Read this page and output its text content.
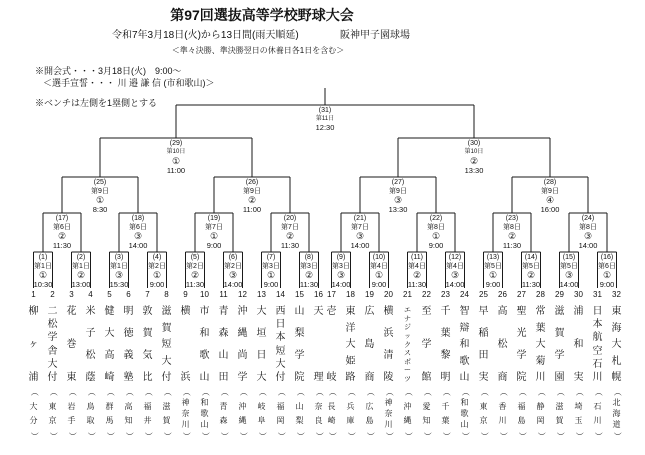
第97回選抜高等学校野球大会
令和7年3月18日(火)から13日間(雨天順延)	阪神甲子園球場
＜準々決勝、準決勝翌日の休養日各1日を含む＞
※開会式・・・3月18日(火)　9:00～
＜選手宣誓・・・ 川 邉 謙 信 (市和歌山)＞
※ベンチは左側を1塁側とする
(1)
第1日
①
10:30
(2)
第1日
②
13:00
(3)
第1日
③
15:30
(4)
第2日
①
9:00
(5)
第2日
②
11:30
(6)
第2日
③
14:00
(7)
第3日
①
9:00
(8)
第3日
②
11:30
(9)
第3日
③
14:00
(10)
第4日
①
9:00
(11)
第4日
②
11:30
(12)
第4日
③
14:00
(13)
第5日
①
9:00
(14)
第5日
②
11:30
(15)
第5日
③
14:00
(16)
第6日
①
9:00
(17)
第6日
②
11:30
(18)
第6日
③
14:00
(19)
第7日
①
9:00
(20)
第7日
②
11:30
(21)
第7日
③
14:00
(22)
第8日
①
9:00
(23)
第8日
②
11:30
(24)
第8日
③
14:00
(25)
第9日
①
8:30
(26)
第9日
②
11:00
(27)
第9日
③
13:30
(28)
第9日
④
16:00
(29)
第10日
①
11:00
(30)
第10日
②
13:30
(31)
第11日
12:30
1
柳
ヶ
浦
（
大
分
）
2
二
松
学
舎
大
付
（
東
京
）
3
花
巻
東
（
岩
手
）
4
米
子
松
蔭
（
鳥
取
）
5
健
大
高
崎
（
群
馬
）
6
明
徳
義
塾
（
高
知
）
7
敦
賀
気
比
（
福
井
）
8
滋
賀
短
大
付
（
滋
賀
）
9
横
浜
（
神
奈
川
）
10
市
和
歌
山
（
和
歌
山
）
11
青
森
山
田
（
青
森
）
12
沖
縄
尚
学
（
沖
縄
）
13
大
垣
日
大
（
岐
阜
）
14
西
日
本
短
大
付
（
福
岡
）
15
山
梨
学
院
（
山
梨
）
16
天
理
（
奈
良
）
17
壱
岐
（
長
崎
）
18
東
洋
大
姫
路
（
兵
庫
）
19
広
島
商
（
広
島
）
20
横
浜
清
陵
（
神
奈
川
）
21
エ
ナ
ジ
ッ
ク
ス
ポ
ー
ツ
（
沖
縄
）
22
至
学
館
（
愛
知
）
23
千
葉
黎
明
（
千
葉
）
24
智
辯
和
歌
山
（
和
歌
山
）
25
早
稲
田
実
（
東
京
）
26
高
松
商
（
香
川
）
27
聖
光
学
院
（
福
島
）
28
常
葉
大
菊
川
（
静
岡
）
29
滋
賀
学
園
（
滋
賀
）
30
浦
和
実
（
埼
玉
）
31
日
本
航
空
石
川
（
石
川
）
32
東
海
大
札
幌
（
北
海
道
）
